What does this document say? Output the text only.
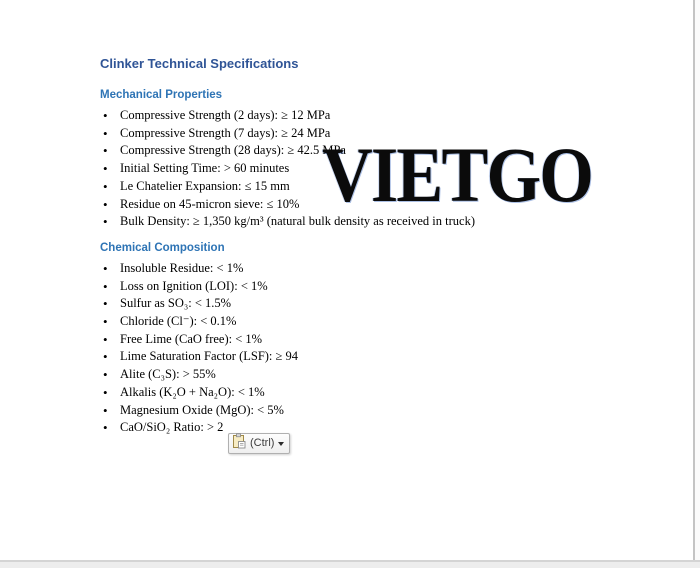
Clinker Technical Specifications
Mechanical Properties
• Compressive Strength (2 days): ≥ 12 MPa
• Compressive Strength (7 days): ≥ 24 MPa
• Compressive Strength (28 days): ≥ 42.5 MPa
• Initial Setting Time: > 60 minutes
• Le Chatelier Expansion: ≤ 15 mm
• Residue on 45-micron sieve: ≤ 10%
• Bulk Density: ≥ 1,350 kg/m³ (natural bulk density as received in truck)
Chemical Composition
• Insoluble Residue: < 1%
• Loss on Ignition (LOI): < 1%
• Sulfur as SO₃: < 1.5%
• Chloride (Cl⁻): < 0.1%
• Free Lime (CaO free): < 1%
• Lime Saturation Factor (LSF): ≥ 94
• Alite (C₃S): > 55%
• Alkalis (K₂O + Na₂O): < 1%
• Magnesium Oxide (MgO): < 5%
• CaO/SiO₂ Ratio: > 2
VIETGO
(Ctrl)
